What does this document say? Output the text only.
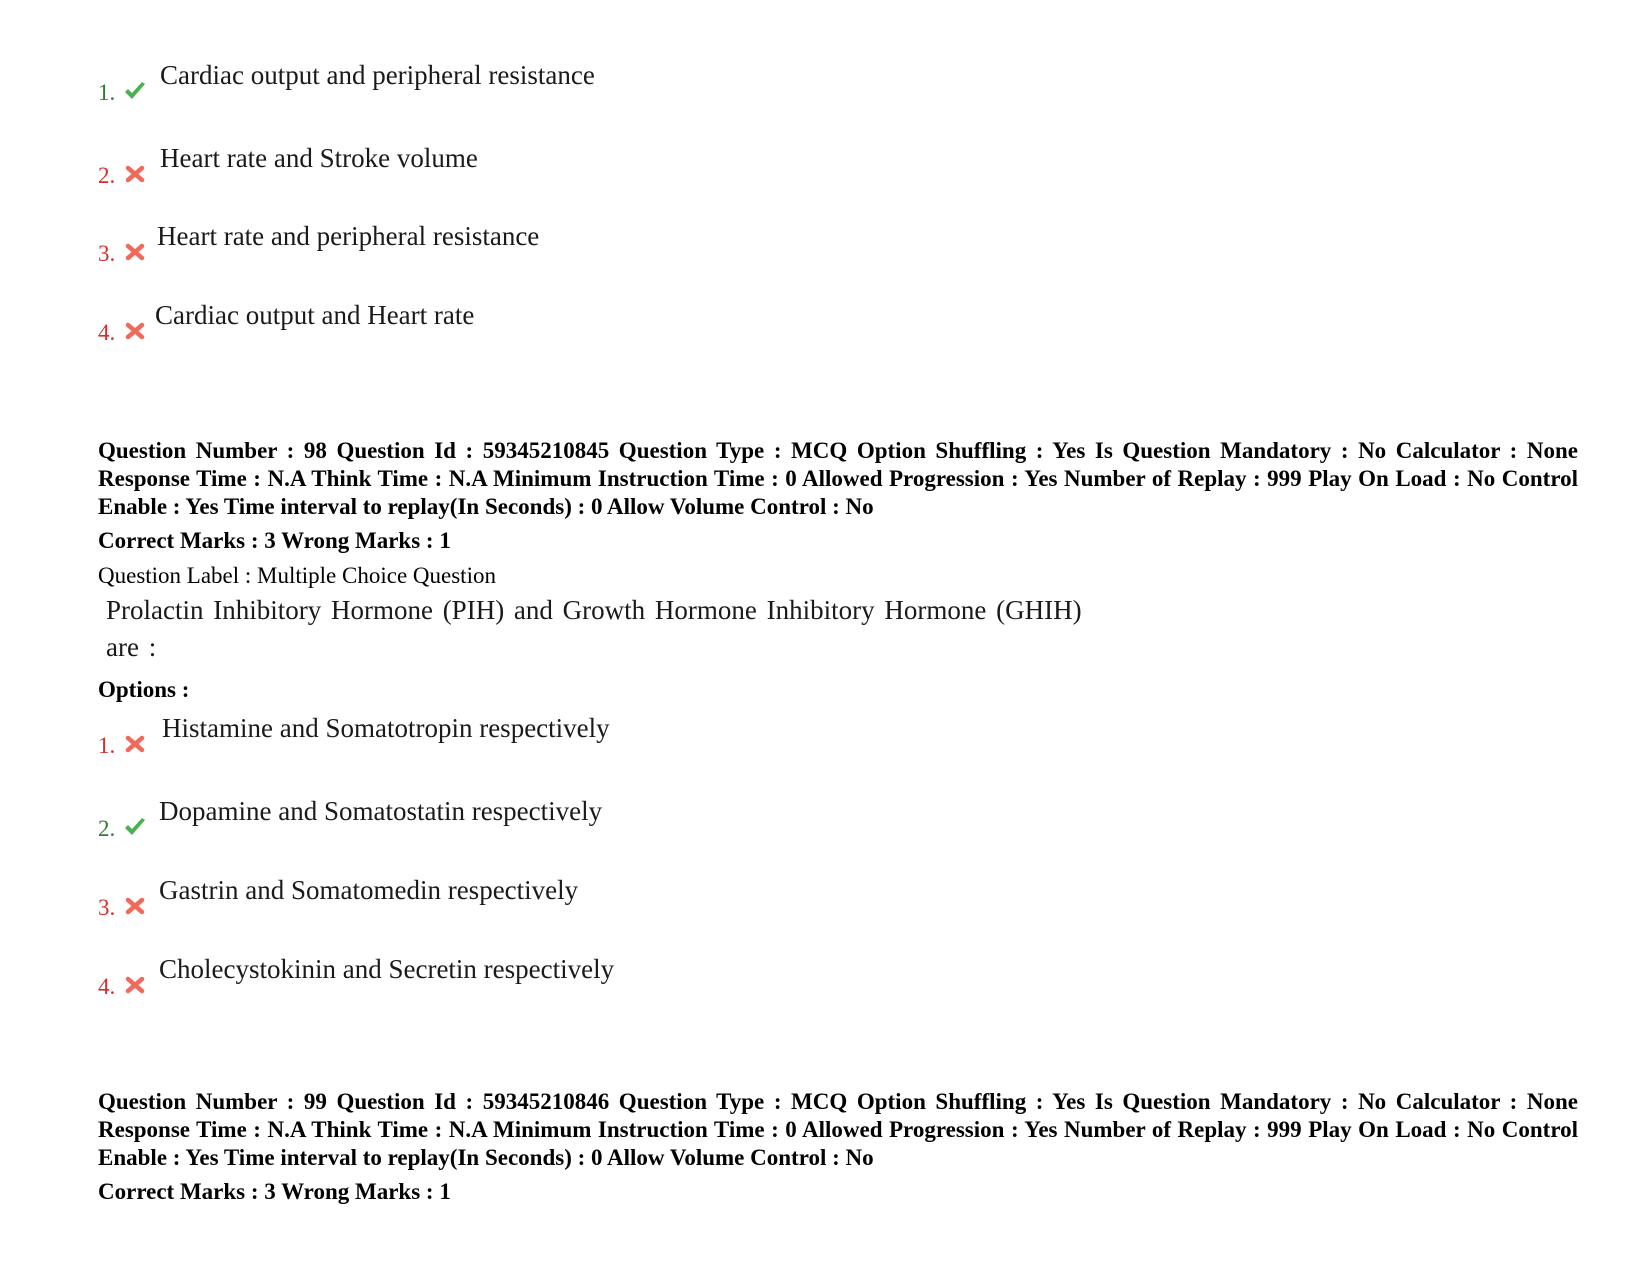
1.
Cardiac output and peripheral resistance
2.
Heart rate and Stroke volume
3.
Heart rate and peripheral resistance
4.
Cardiac output and Heart rate
Question Number : 98 Question Id : 59345210845 Question Type : MCQ Option Shuffling : Yes Is Question Mandatory : No Calculator : None Response Time : N.A Think Time : N.A Minimum Instruction Time : 0 Allowed Progression : Yes Number of Replay : 999 Play On Load : No Control Enable : Yes Time interval to replay(In Seconds) : 0 Allow Volume Control : No
Correct Marks : 3 Wrong Marks : 1
Question Label : Multiple Choice Question
Prolactin Inhibitory Hormone (PIH) and Growth Hormone Inhibitory Hormone (GHIH)
are :
Options :
1.
Histamine and Somatotropin respectively
2.
Dopamine and Somatostatin respectively
3.
Gastrin and Somatomedin respectively
4.
Cholecystokinin and Secretin respectively
Question Number : 99 Question Id : 59345210846 Question Type : MCQ Option Shuffling : Yes Is Question Mandatory : No Calculator : None Response Time : N.A Think Time : N.A Minimum Instruction Time : 0 Allowed Progression : Yes Number of Replay : 999 Play On Load : No Control Enable : Yes Time interval to replay(In Seconds) : 0 Allow Volume Control : No
Correct Marks : 3 Wrong Marks : 1
